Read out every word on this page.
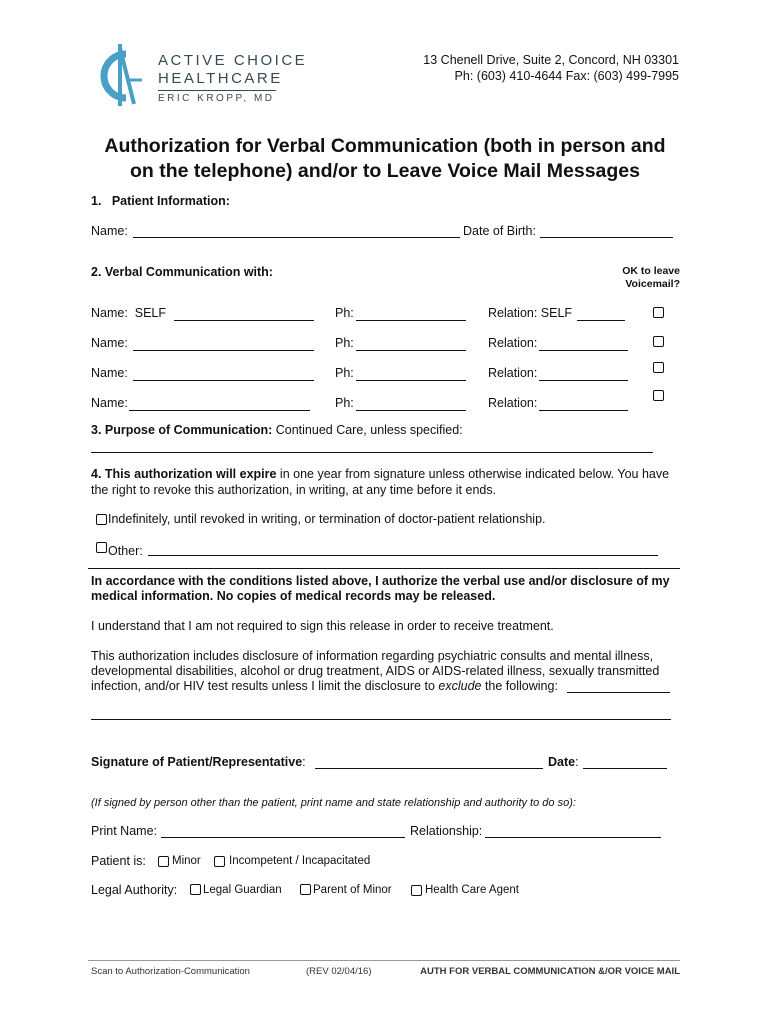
ACTIVE CHOICE
HEALTHCARE
ERIC KROPP, MD
13 Chenell Drive, Suite 2, Concord, NH 03301
Ph: (603) 410-4644 Fax: (603) 499-7995
Authorization for Verbal Communication (both in person and
on the telephone) and/or to Leave Voice Mail Messages
1.   Patient Information:
Name:	Date of Birth:
2. Verbal Communication with:	OK to leave
Voicemail?
Name:  SELF	Ph:	Relation: SELF
Name:	Ph:	Relation:
Name:	Ph:	Relation:
Name:	Ph:	Relation:
3. Purpose of Communication: Continued Care, unless specified:
4. This authorization will expire in one year from signature unless otherwise indicated below. You have
the right to revoke this authorization, in writing, at any time before it ends.
Indefinitely, until revoked in writing, or termination of doctor-patient relationship.
Other:
In accordance with the conditions listed above, I authorize the verbal use and/or disclosure of my
medical information. No copies of medical records may be released.
I understand that I am not required to sign this release in order to receive treatment.
This authorization includes disclosure of information regarding psychiatric consults and mental illness,
developmental disabilities, alcohol or drug treatment, AIDS or AIDS-related illness, sexually transmitted
infection, and/or HIV test results unless I limit the disclosure to exclude the following:
Signature of Patient/Representative:	Date:
(If signed by person other than the patient, print name and state relationship and authority to do so):
Print Name:	Relationship:
Patient is: Minor Incompetent / Incapacitated
Legal Authority: Legal Guardian	Parent of Minor	Health Care Agent
Scan to Authorization-Communication	(REV 02/04/16)	AUTH FOR VERBAL COMMUNICATION &/OR VOICE MAIL
